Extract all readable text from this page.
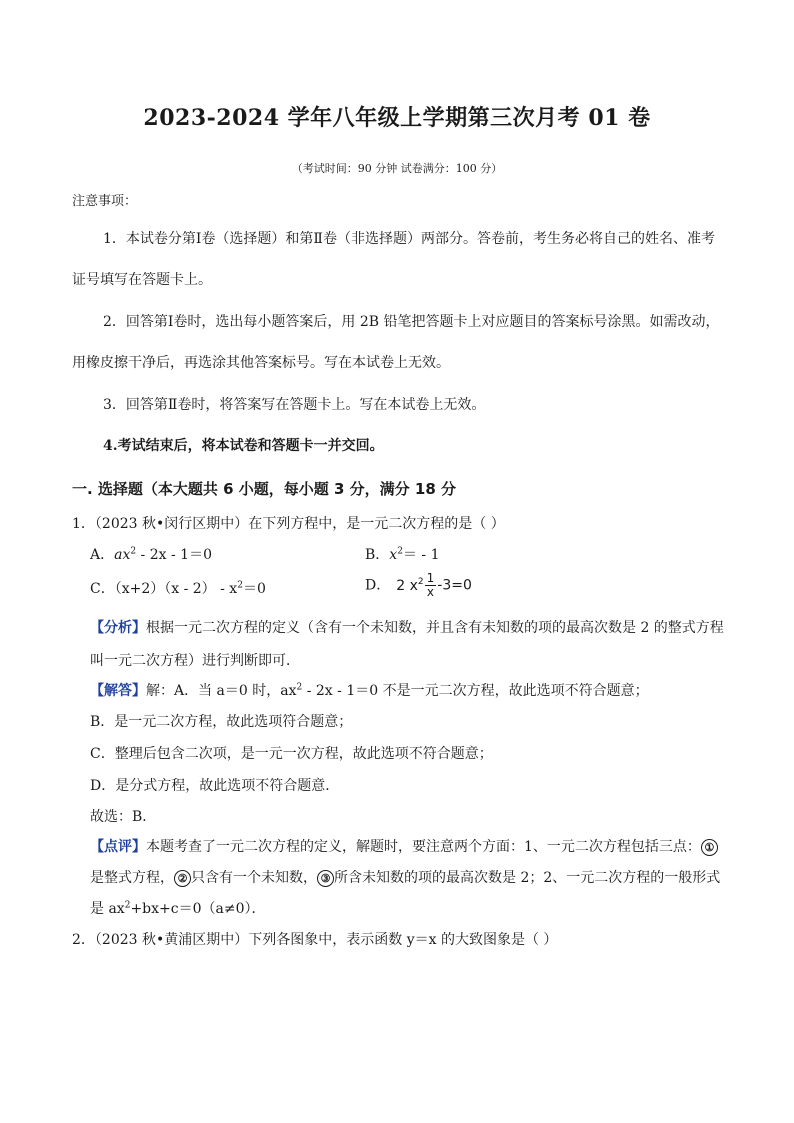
2023-2024 学年八年级上学期第三次月考 01 卷
（考试时间：90 分钟 试卷满分：100 分）
注意事项：
1．本试卷分第Ⅰ卷（选择题）和第Ⅱ卷（非选择题）两部分。答卷前，考生务必将自己的姓名、准考
证号填写在答题卡上。
2．回答第Ⅰ卷时，选出每小题答案后，用 2B 铅笔把答题卡上对应题目的答案标号涂黑。如需改动，
用橡皮擦干净后，再选涂其他答案标号。写在本试卷上无效。
3．回答第Ⅱ卷时，将答案写在答题卡上。写在本试卷上无效。
4.考试结束后，将本试卷和答题卡一并交回。
一. 选择题（本大题共 6 小题，每小题 3 分，满分 18 分
1．（2023 秋•闵行区期中）在下列方程中，是一元二次方程的是（ ）
A．$ax^2 - 2x - 1=0$	B．$x^2= - 1$
C．$(x+2)(x - 2) - x^2=0$	D． 2 $x^2 \frac{1}{x} -3=0$
【分析】根据一元二次方程的定义（含有一个未知数，并且含有未知数的项的最高次数是 2 的整式方程
叫一元二次方程）进行判断即可．
【解答】解：A．当 a＝0 时，$ax^2 - 2x - 1=0$ 不是一元二次方程，故此选项不符合题意；
B．是一元二次方程，故此选项符合题意；
C．整理后包含二次项，是一元一次方程，故此选项不符合题意；
D．是分式方程，故此选项不符合题意．
故选：B．
【点评】本题考查了一元二次方程的定义，解题时，要注意两个方面：1、一元二次方程包括三点： ①
是整式方程， ② 只含有一个未知数， ③ 所含未知数的项的最高次数是 2；2、一元二次方程的一般形式
是 $ax^2+bx+c=0(a\ne 0)$．
2．（2023 秋•黄浦区期中）下列各图象中，表示函数 y＝x 的大致图象是（ ）
